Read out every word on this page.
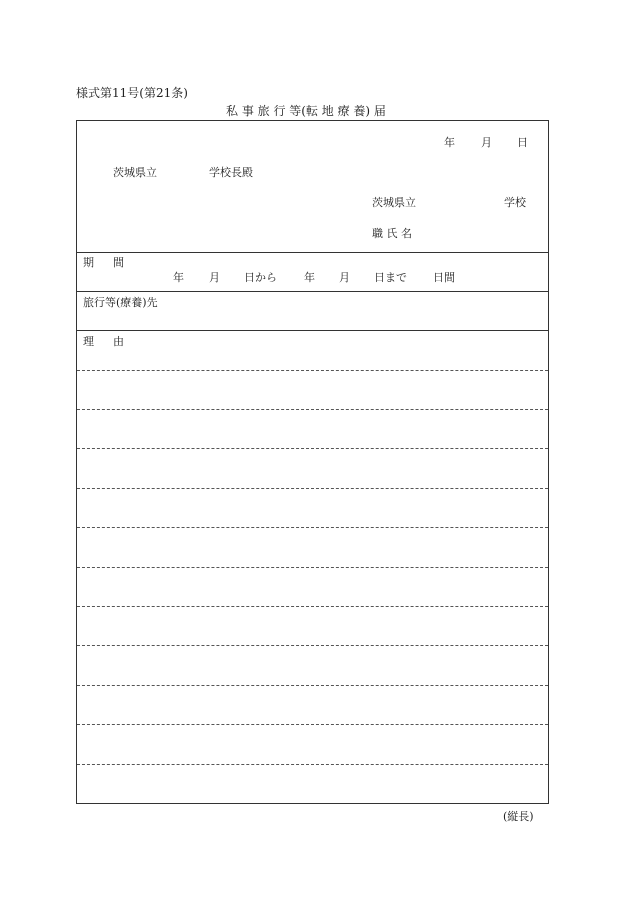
様式第11号(第21条)
私 事 旅 行 等(転 地 療 養) 届
年 月 日
茨城県立	学校長殿
茨城県立	学校
職 氏 名
期　間
年 月 日から 年 月 日まで 日間
旅行等(療養)先
理　由
(縦長)
